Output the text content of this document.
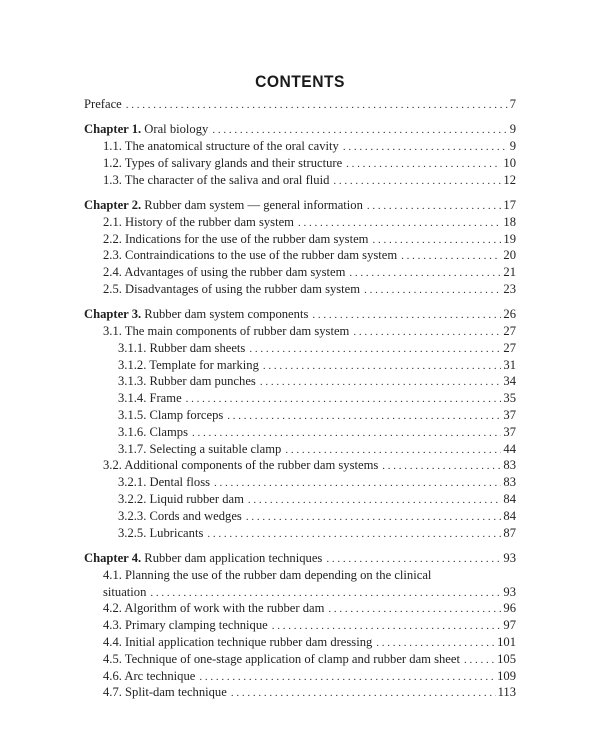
CONTENTS
Preface . . .	7
Chapter 1. Oral biology . . .	9
1.1. The anatomical structure of the oral cavity . . .	9
1.2. Types of salivary glands and their structure . . .	10
1.3. The character of the saliva and oral fluid . . .	12
Chapter 2. Rubber dam system — general information . . .	17
2.1. History of the rubber dam system . . .	18
2.2. Indications for the use of the rubber dam system . . .	19
2.3. Contraindications to the use of the rubber dam system . . .	20
2.4. Advantages of using the rubber dam system . . .	21
2.5. Disadvantages of using the rubber dam system . . .	23
Chapter 3. Rubber dam system components . . .	26
3.1. The main components of rubber dam system . . .	27
3.1.1. Rubber dam sheets . . .	27
3.1.2. Template for marking . . .	31
3.1.3. Rubber dam punches . . .	34
3.1.4. Frame . . .	35
3.1.5. Clamp forceps . . .	37
3.1.6. Clamps . . .	37
3.1.7. Selecting a suitable clamp . . .	44
3.2. Additional components of the rubber dam systems . . .	83
3.2.1. Dental floss . . .	83
3.2.2. Liquid rubber dam . . .	84
3.2.3. Cords and wedges . . .	84
3.2.5. Lubricants . . .	87
Chapter 4. Rubber dam application techniques . . .	93
4.1. Planning the use of the rubber dam depending on the clinical
situation . . .	93
4.2. Algorithm of work with the rubber dam . . .	96
4.3. Primary clamping technique . . .	97
4.4. Initial application technique rubber dam dressing . . .	101
4.5. Technique of one-stage application of clamp and rubber dam sheet . . .	105
4.6. Arc technique . . .	109
4.7. Split-dam technique . . .	113
